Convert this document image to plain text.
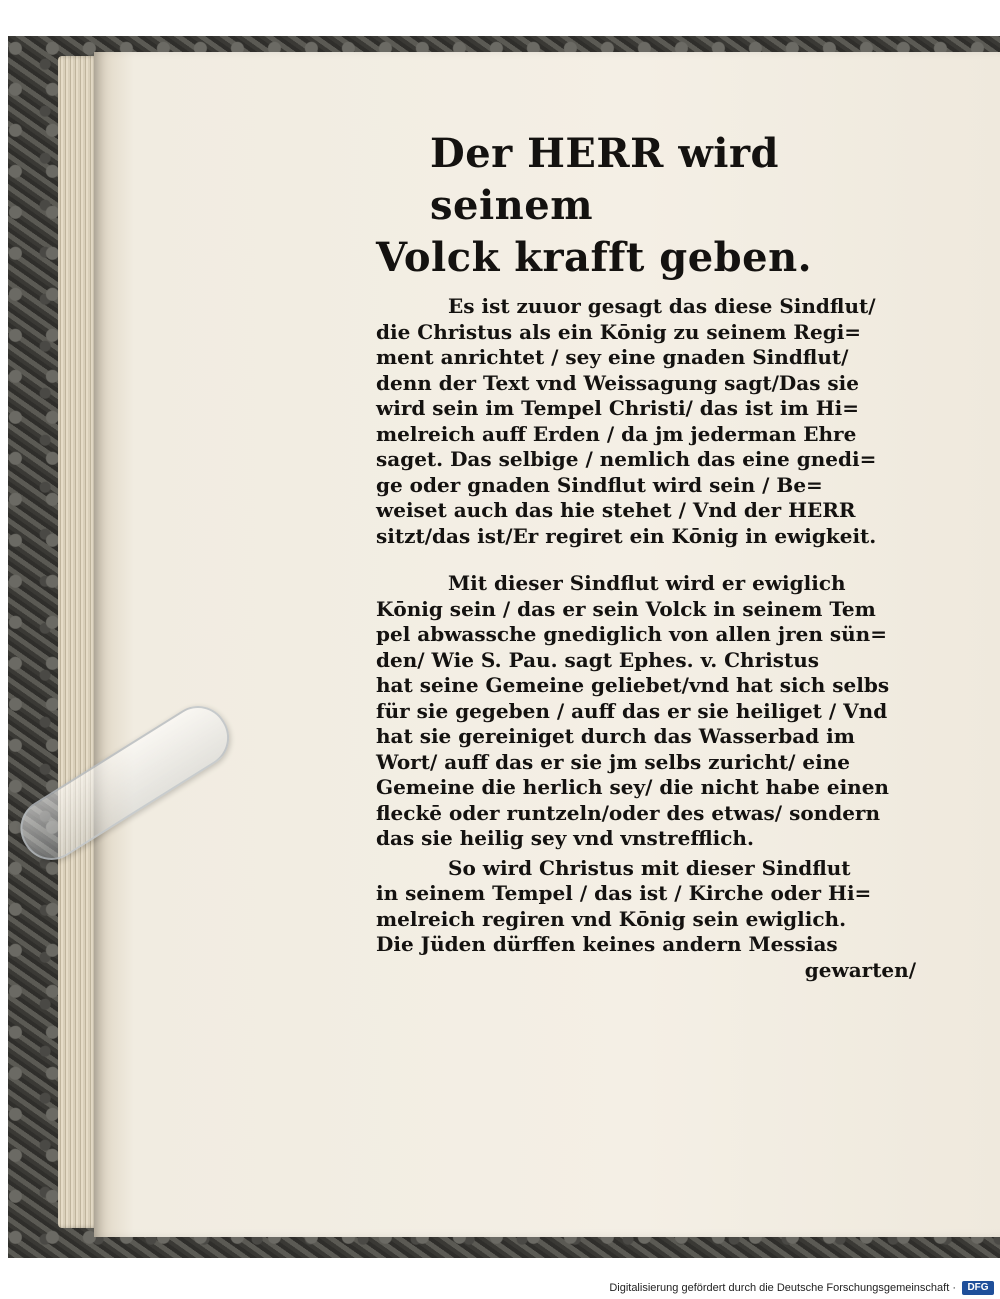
Der HERR wird seinem
Volck krafft geben.

Es ist zuuor gesagt das diese Sindflut/
die Christus als ein Kōnig zu seinem Regi=
ment anrichtet / sey eine gnaden Sindflut/
denn der Text vnd Weissagung sagt/Das sie
wird sein im Tempel Christi/ das ist im Hi=
melreich auff Erden / da jm jederman Ehre
saget. Das selbige / nemlich das eine gnedi=
ge oder gnaden Sindflut wird sein / Be=
weiset auch das hie stehet / Vnd der HERR
sitzt/das ist/Er regiret ein Kōnig in ewigkeit.

Mit dieser Sindflut wird er ewiglich
Kōnig sein / das er sein Volck in seinem Tem
pel abwassche gnediglich von allen jren sün=
den/ Wie S. Pau. sagt Ephes. v. Christus
hat seine Gemeine geliebet/vnd hat sich selbs
für sie gegeben / auff das er sie heiliget / Vnd
hat sie gereiniget durch das Wasserbad im
Wort/ auff das er sie jm selbs zuricht/ eine
Gemeine die herlich sey/ die nicht habe einen
fleckē oder runtzeln/oder des etwas/ sondern
das sie heilig sey vnd vnstrefflich.

So wird Christus mit dieser Sindflut
in seinem Tempel / das ist / Kirche oder Hi=
melreich regiren vnd Kōnig sein ewiglich.
Die Jüden dürffen keines andern Messias
gewarten/

Digitalisierung gefördert durch die Deutsche Forschungsgemeinschaft ·	DFG
